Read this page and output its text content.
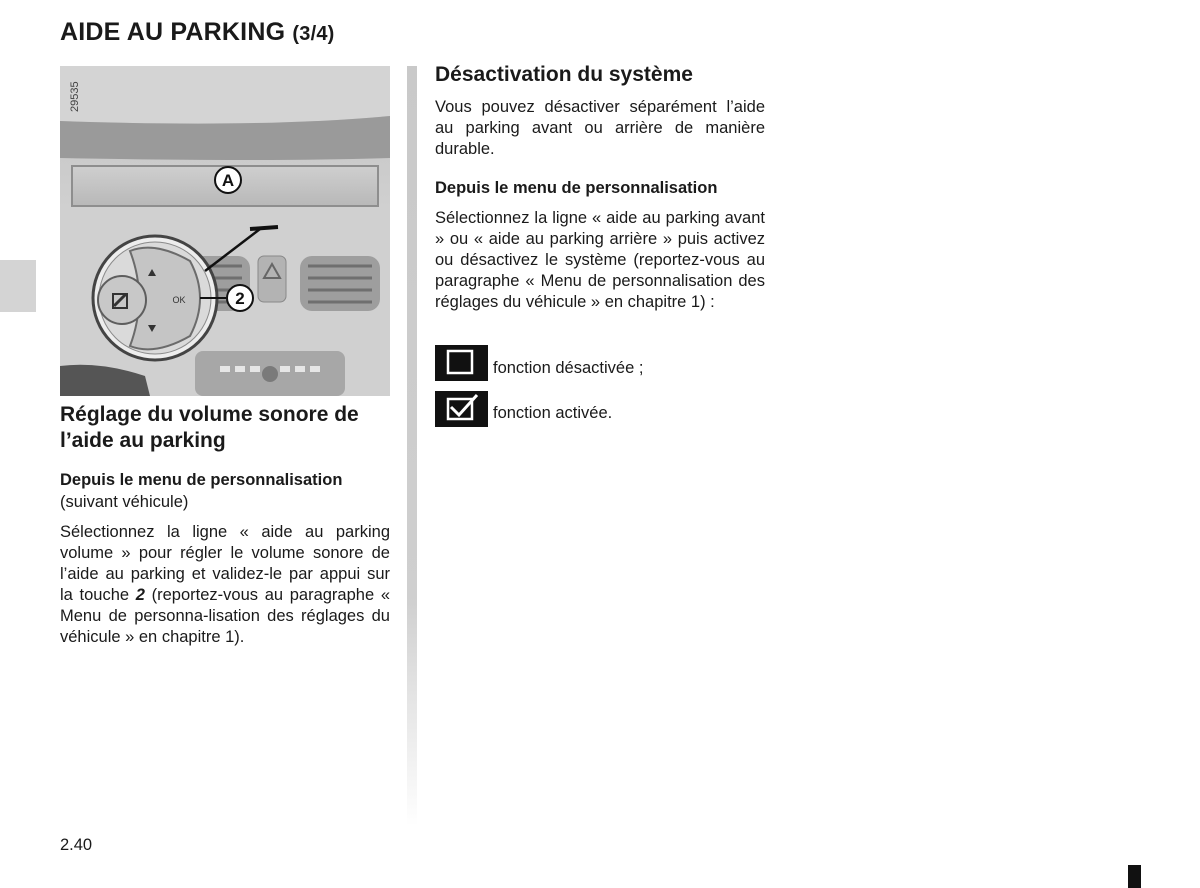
AIDE AU PARKING (3/4)
29535
A
2
OK
Réglage du volume sonore de l’aide au parking
Depuis le menu de personnalisation
(suivant véhicule)
Sélectionnez la ligne « aide au parking volume » pour régler le volume sonore de l’aide au parking et validez-le par appui sur la touche 2 (reportez-vous au paragraphe « Menu de personna-lisation des réglages du véhicule » en chapitre 1).
Désactivation du système
Vous pouvez désactiver séparément l’aide au parking avant ou arrière de manière durable.
Depuis le menu de personnalisation
Sélectionnez la ligne « aide au parking avant » ou « aide au parking arrière » puis activez ou désactivez le système (reportez-vous au paragraphe « Menu de personnalisation des réglages du véhicule » en chapitre 1) :
fonction désactivée ;
fonction activée.
2.40
